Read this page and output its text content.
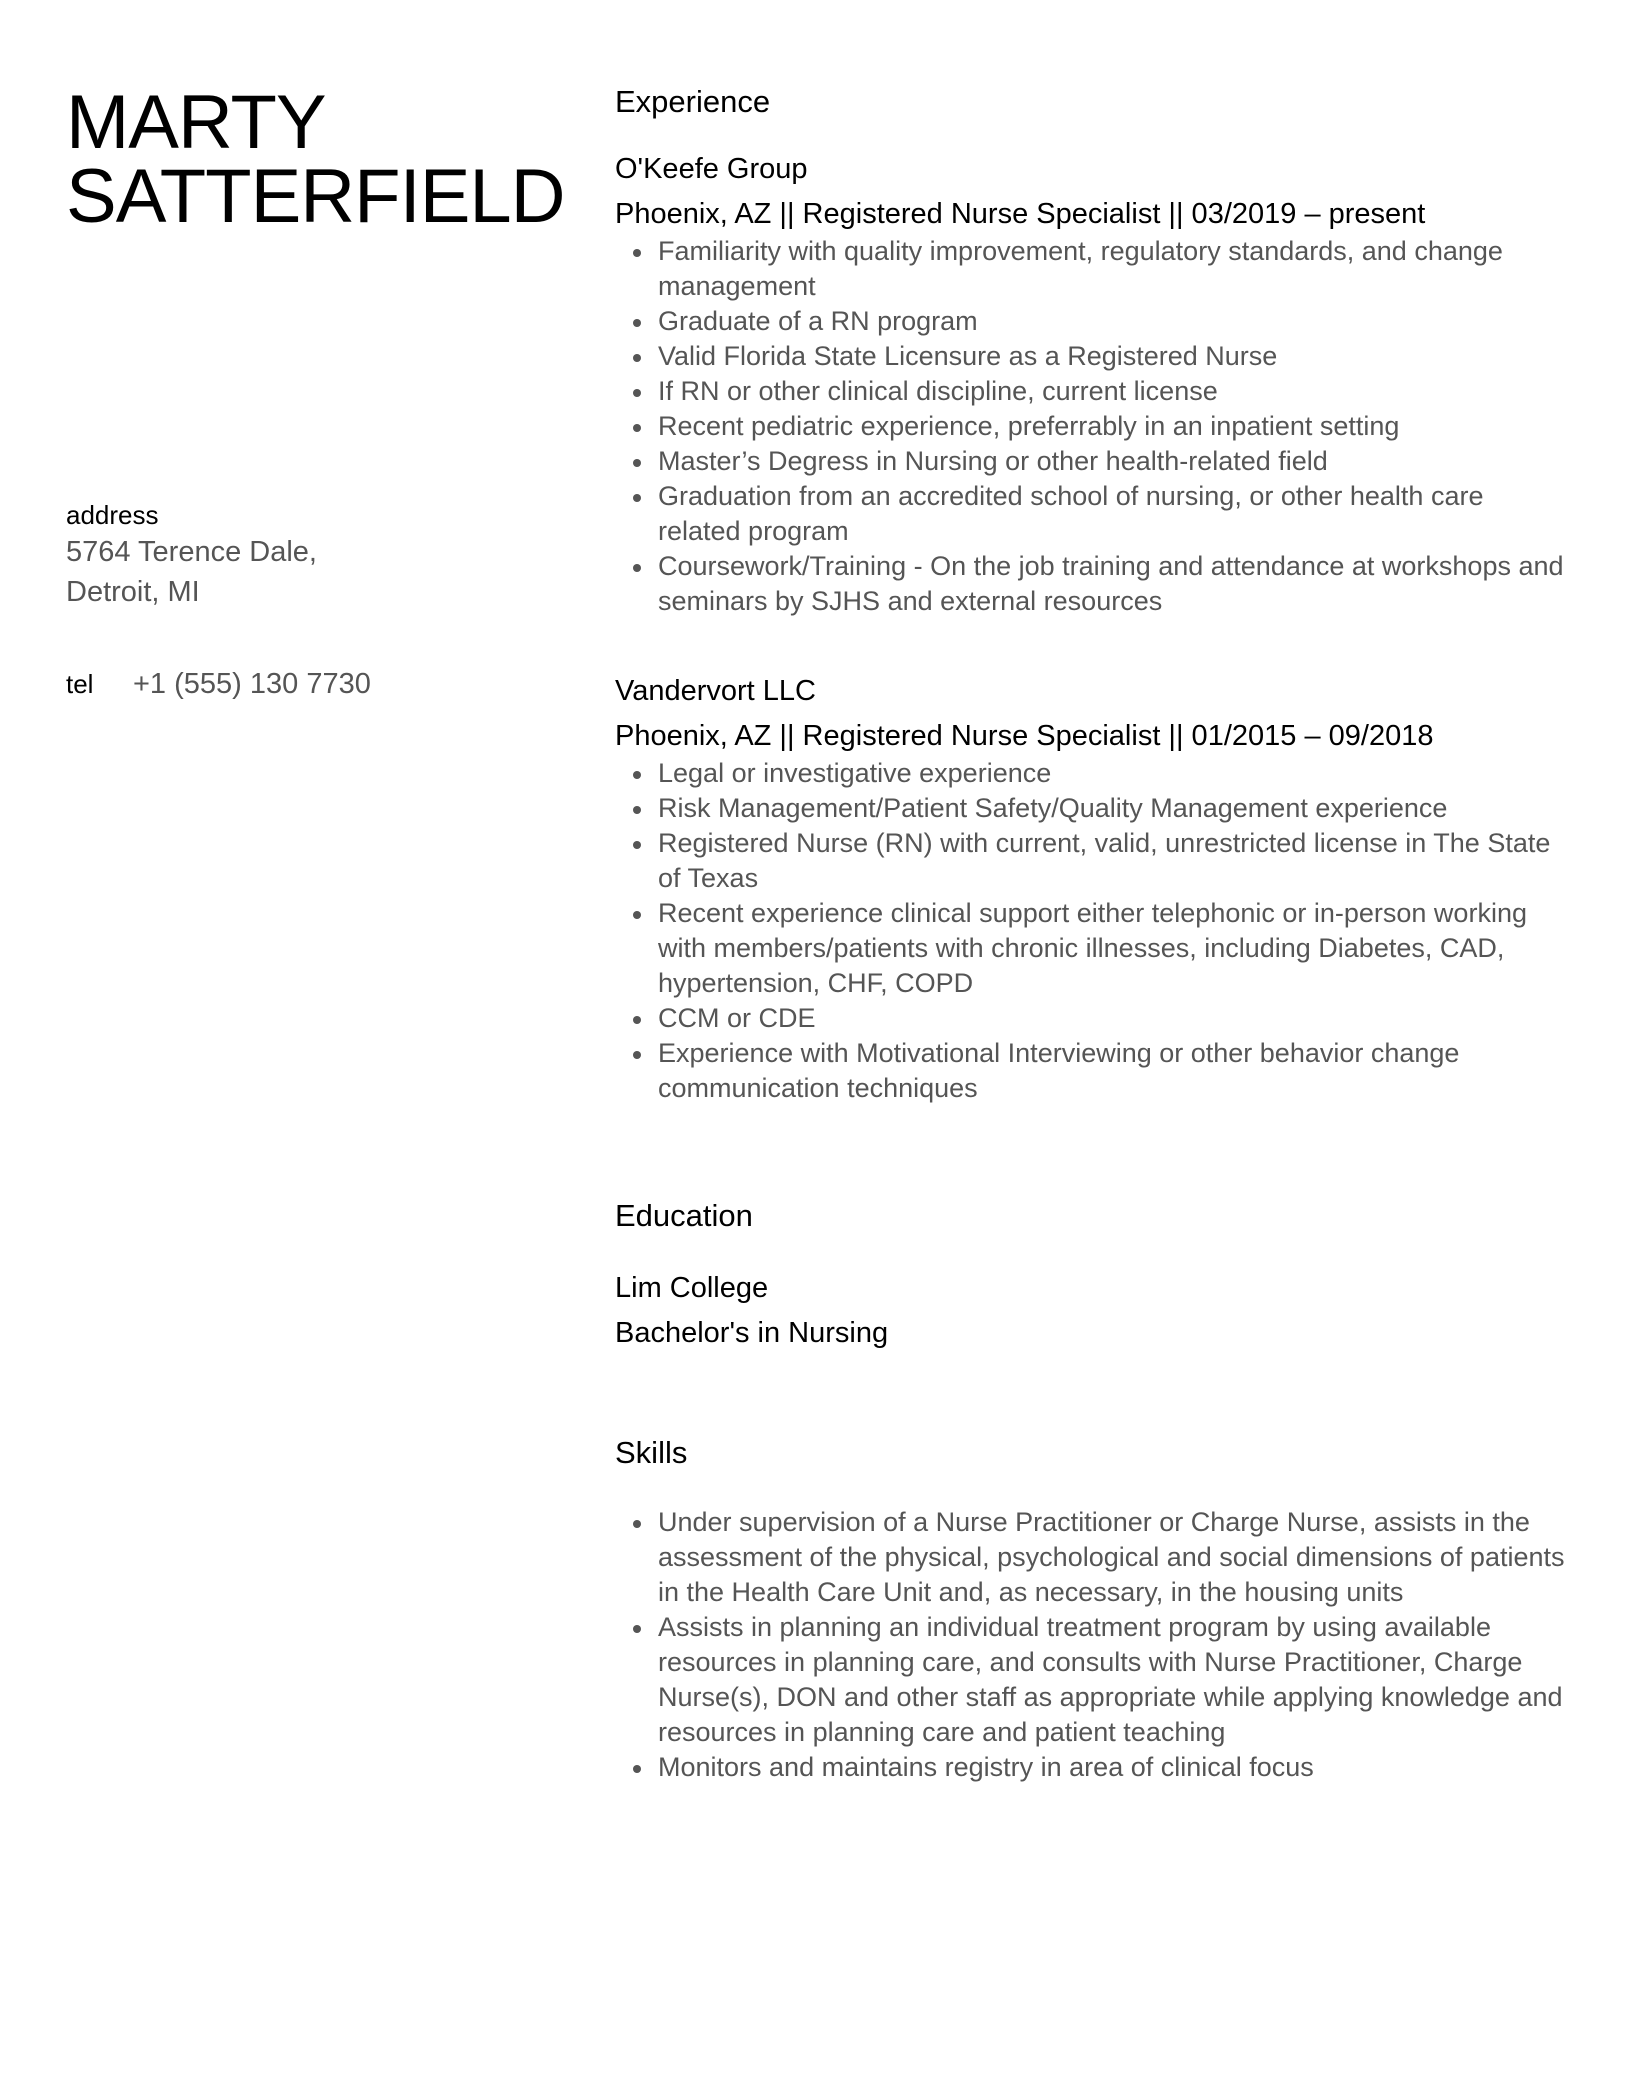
MARTY
SATTERFIELD
address
5764 Terence Dale,
Detroit, MI
tel	+1 (555) 130 7730
Experience
O'Keefe Group
Phoenix, AZ || Registered Nurse Specialist || 03/2019 – present
Familiarity with quality improvement, regulatory standards, and change management
Graduate of a RN program
Valid Florida State Licensure as a Registered Nurse
If RN or other clinical discipline, current license
Recent pediatric experience, preferrably in an inpatient setting
Master’s Degress in Nursing or other health-related field
Graduation from an accredited school of nursing, or other health care related program
Coursework/Training - On the job training and attendance at workshops and seminars by SJHS and external resources
Vandervort LLC
Phoenix, AZ || Registered Nurse Specialist || 01/2015 – 09/2018
Legal or investigative experience
Risk Management/Patient Safety/Quality Management experience
Registered Nurse (RN) with current, valid, unrestricted license in The State of Texas
Recent experience clinical support either telephonic or in-person working with members/patients with chronic illnesses, including Diabetes, CAD, hypertension, CHF, COPD
CCM or CDE
Experience with Motivational Interviewing or other behavior change communication techniques
Education
Lim College
Bachelor's in Nursing
Skills
Under supervision of a Nurse Practitioner or Charge Nurse, assists in the assessment of the physical, psychological and social dimensions of patients in the Health Care Unit and, as necessary, in the housing units
Assists in planning an individual treatment program by using available resources in planning care, and consults with Nurse Practitioner, Charge Nurse(s), DON and other staff as appropriate while applying knowledge and resources in planning care and patient teaching
Monitors and maintains registry in area of clinical focus
